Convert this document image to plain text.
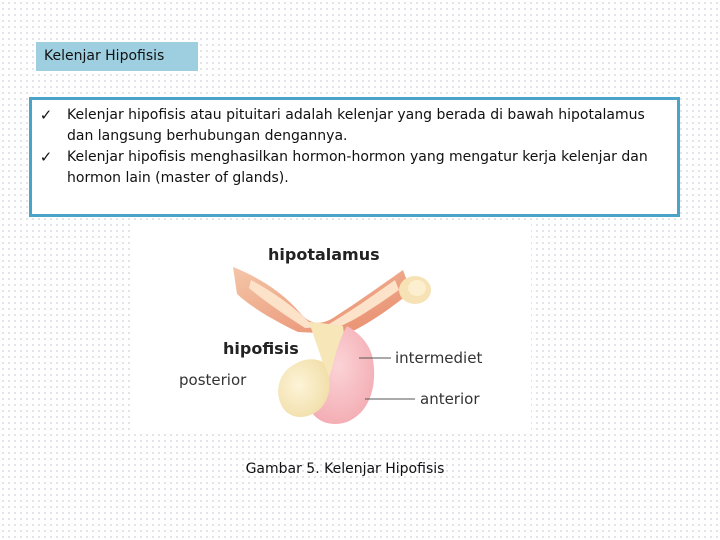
Kelenjar Hipofisis

✓ Kelenjar hipofisis atau pituitari adalah kelenjar yang berada di bawah hipotalamus dan langsung berhubungan dengannya.

✓ Kelenjar hipofisis menghasilkan hormon-hormon yang mengatur kerja kelenjar dan hormon lain (master of glands).

hipotalamus
hipofisis
posterior
intermediet
anterior
Gambar 5. Kelenjar Hipofisis
